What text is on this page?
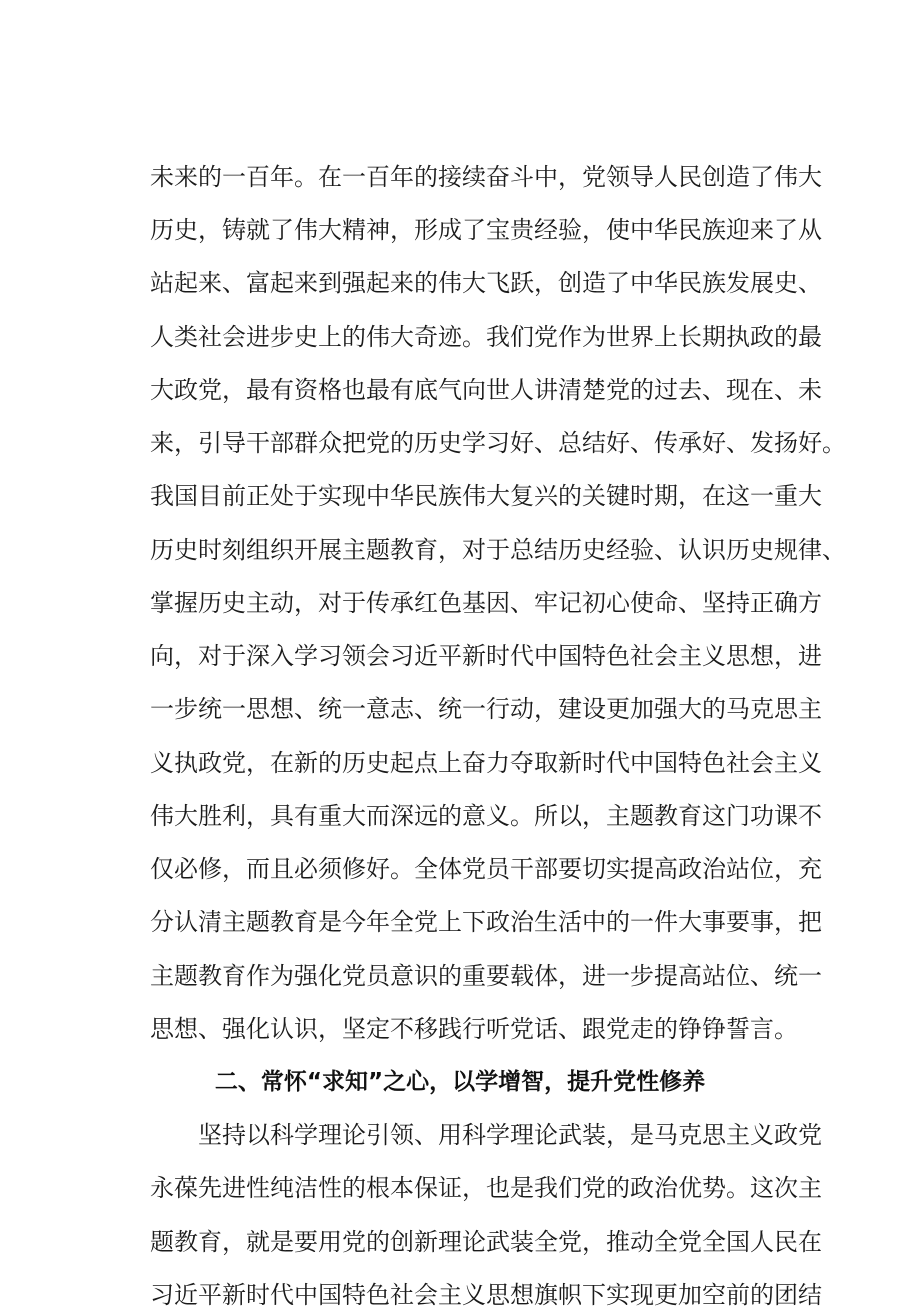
未来的一百年。在一百年的接续奋斗中，党领导人民创造了伟大
历史，铸就了伟大精神，形成了宝贵经验，使中华民族迎来了从
站起来、富起来到强起来的伟大飞跃，创造了中华民族发展史、
人类社会进步史上的伟大奇迹。我们党作为世界上长期执政的最
大政党，最有资格也最有底气向世人讲清楚党的过去、现在、未
来，引导干部群众把党的历史学习好、总结好、传承好、发扬好。
我国目前正处于实现中华民族伟大复兴的关键时期，在这一重大
历史时刻组织开展主题教育，对于总结历史经验、认识历史规律、
掌握历史主动，对于传承红色基因、牢记初心使命、坚持正确方
向，对于深入学习领会习近平新时代中国特色社会主义思想，进
一步统一思想、统一意志、统一行动，建设更加强大的马克思主
义执政党，在新的历史起点上奋力夺取新时代中国特色社会主义
伟大胜利，具有重大而深远的意义。所以，主题教育这门功课不
仅必修，而且必须修好。全体党员干部要切实提高政治站位，充
分认清主题教育是今年全党上下政治生活中的一件大事要事，把
主题教育作为强化党员意识的重要载体，进一步提高站位、统一
思想、强化认识，坚定不移践行听党话、跟党走的铮铮誓言。
二、常怀“求知”之心，以学增智，提升党性修养
坚持以科学理论引领、用科学理论武装，是马克思主义政党
永葆先进性纯洁性的根本保证，也是我们党的政治优势。这次主
题教育，就是要用党的创新理论武装全党，推动全党全国人民在
习近平新时代中国特色社会主义思想旗帜下实现更加空前的团结
